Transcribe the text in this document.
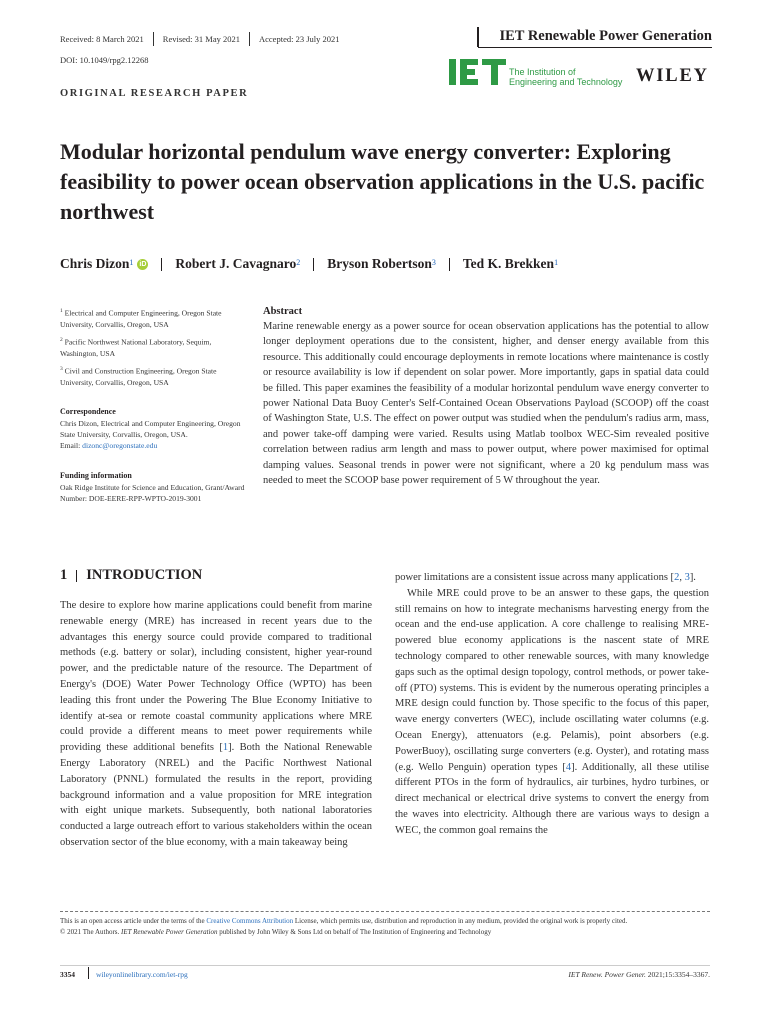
Received: 8 March 2021 Revised: 31 May 2021 Accepted: 23 July 2021	IET Renewable Power Generation
DOI: 10.1049/rpg2.12268
The Institution of
Engineering and Technology WILEY
ORIGINAL RESEARCH PAPER
Modular horizontal pendulum wave energy converter: Exploring feasibility to power ocean observation applications in the U.S. pacific northwest
Chris Dizon$^1$ iD Robert J. Cavagnaro$^2$ Bryson Robertson$^3$ Ted K. Brekken$^1$
$^1$ Electrical and Computer Engineering, Oregon State University, Corvallis, Oregon, USA
$^2$ Pacific Northwest National Laboratory, Sequim, Washington, USA
$^3$ Civil and Construction Engineering, Oregon State University, Corvallis, Oregon, USA
Correspondence
Chris Dizon, Electrical and Computer Engineering, Oregon State University, Corvallis, Oregon, USA.
Email: dizonc@oregonstate.edu
Funding information
Oak Ridge Institute for Science and Education, Grant/Award Number: DOE-EERE-RPP-WPTO-2019-3001
Abstract

Marine renewable energy as a power source for ocean observation applications has the potential to allow longer deployment operations due to the consistent, higher, and denser energy available from this resource. This additionally could encourage deployments in remote locations where maintenance is costly or resource availability is low if dependent on solar power. More importantly, gaps in spatial data could be filled. This paper examines the feasibility of a modular horizontal pendulum wave energy converter to power National Data Buoy Center's Self-Contained Ocean Observations Payload (SCOOP) off the coast of Washington State, U.S. The effect on power output was studied when the pendulum's radius arm, mass, and power take-off damping were varied. Results using Matlab toolbox WEC-Sim revealed positive correlation between radius arm length and mass to power output, where power maximised for optimal damping values. Seasonal trends in power were not significant, where a 20 kg pendulum mass was needed to meet the SCOOP base power requirement of 5 W throughout the year.

1 INTRODUCTION

The desire to explore how marine applications could benefit from marine renewable energy (MRE) has increased in recent years due to the advantages this energy source could provide compared to traditional methods (e.g. battery or solar), including consistent, higher year-round power, and the predictable nature of the resource. The Department of Energy's (DOE) Water Power Technology Office (WPTO) has been leading this front under the Powering The Blue Economy Initiative to identify at-sea or remote coastal community applications where MRE could provide a different means to meet power requirements while providing these additional benefits [1]. Both the National Renewable Energy Laboratory (NREL) and the Pacific Northwest National Laboratory (PNNL) formulated the results in the report, providing background information and a value proposition for MRE integration with eight unique markets. Subsequently, both national laboratories conducted a large outreach effort to various stakeholders within the ocean observation sector of the blue economy, with a main takeaway being

power limitations are a consistent issue across many applications [2, 3].
While MRE could prove to be an answer to these gaps, the question still remains on how to integrate mechanisms harvesting energy from the ocean and the end-use application. A core challenge to realising MRE-powered blue economy applications is the nascent state of MRE technology compared to other renewable sources, with many knowledge gaps such as the optimal design topology, control methods, or power take-off (PTO) systems. This is evident by the numerous operating principles a MRE design could function by. Those specific to the focus of this paper, wave energy converters (WEC), include oscillating water columns (e.g. Ocean Energy), attenuators (e.g. Pelamis), point absorbers (e.g. PowerBuoy), oscillating surge converters (e.g. Oyster), and rotating mass (e.g. Wello Penguin) operation types [4]. Additionally, all these utilise different PTOs in the form of hydraulics, air turbines, hydro turbines, or direct mechanical or electrical drive systems to convert the energy from the waves into electricity. Although there are various ways to design a WEC, the common goal remains the
This is an open access article under the terms of the Creative Commons Attribution License, which permits use, distribution and reproduction in any medium, provided the original work is properly cited.
© 2021 The Authors. IET Renewable Power Generation published by John Wiley & Sons Ltd on behalf of The Institution of Engineering and Technology
3354	wileyonlinelibrary.com/iet-rpg	IET Renew. Power Gener. 2021;15:3354–3367.
